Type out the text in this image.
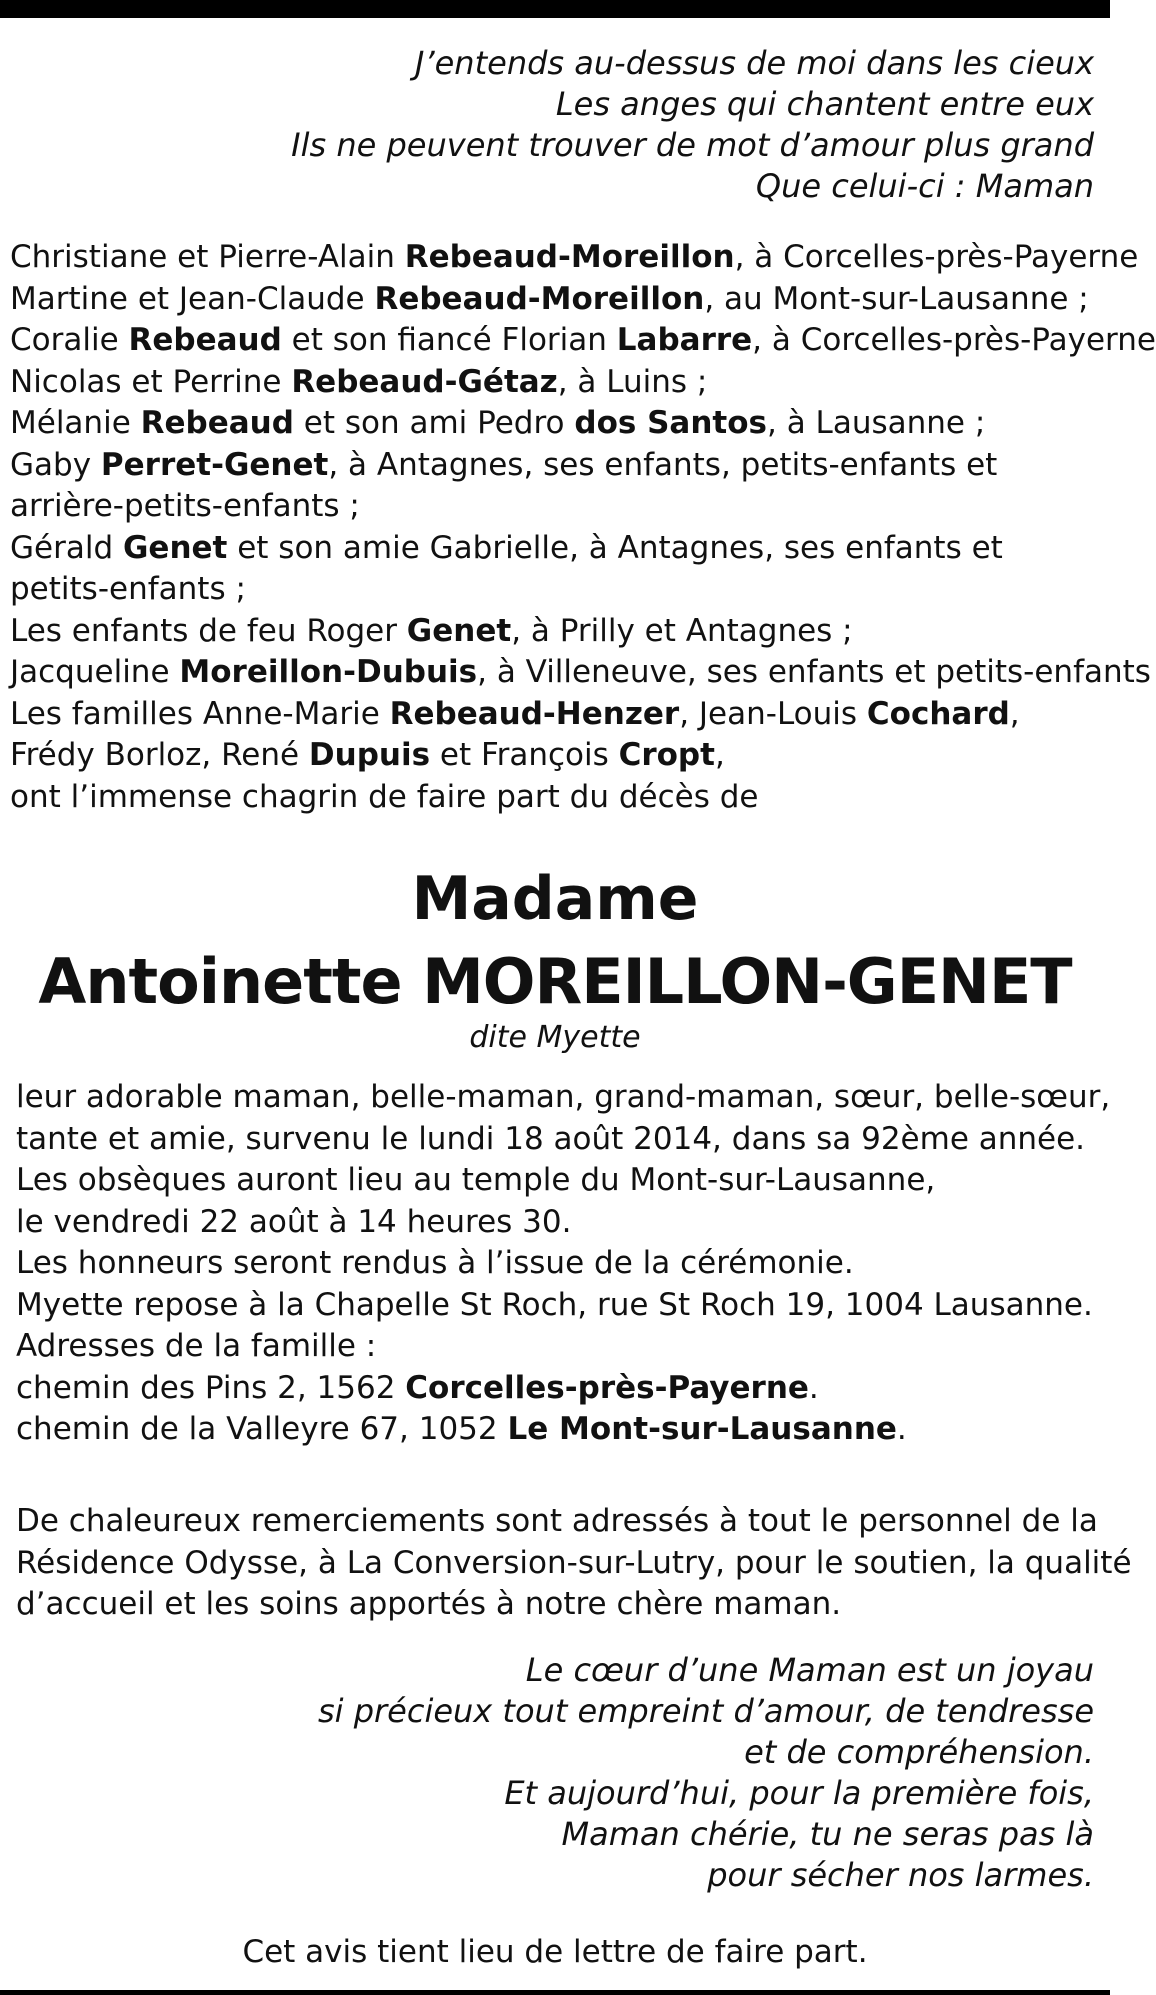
J’entends au-dessus de moi dans les cieux
Les anges qui chantent entre eux
Ils ne peuvent trouver de mot d’amour plus grand
Que celui-ci : Maman
Christiane et Pierre-Alain Rebeaud-Moreillon, à Corcelles-près-Payerne
Martine et Jean-Claude Rebeaud-Moreillon, au Mont-sur-Lausanne ;
Coralie Rebeaud et son fiancé Florian Labarre, à Corcelles-près-Payerne
Nicolas et Perrine Rebeaud-Gétaz, à Luins ;
Mélanie Rebeaud et son ami Pedro dos Santos, à Lausanne ;
Gaby Perret-Genet, à Antagnes, ses enfants, petits-enfants et
arrière-petits-enfants ;
Gérald Genet et son amie Gabrielle, à Antagnes, ses enfants et
petits-enfants ;
Les enfants de feu Roger Genet, à Prilly et Antagnes ;
Jacqueline Moreillon-Dubuis, à Villeneuve, ses enfants et petits-enfants
Les familles Anne-Marie Rebeaud-Henzer, Jean-Louis Cochard,
Frédy Borloz, René Dupuis et François Cropt,
ont l’immense chagrin de faire part du décès de
Madame
Antoinette MOREILLON-GENET
dite Myette
leur adorable maman, belle-maman, grand-maman, sœur, belle-sœur,
tante et amie, survenu le lundi 18 août 2014, dans sa 92ème année.
Les obsèques auront lieu au temple du Mont-sur-Lausanne,
le vendredi 22 août à 14 heures 30.
Les honneurs seront rendus à l’issue de la cérémonie.
Myette repose à la Chapelle St Roch, rue St Roch 19, 1004 Lausanne.
Adresses de la famille :
chemin des Pins 2, 1562 Corcelles-près-Payerne.
chemin de la Valleyre 67, 1052 Le Mont-sur-Lausanne.
De chaleureux remerciements sont adressés à tout le personnel de la
Résidence Odysse, à La Conversion-sur-Lutry, pour le soutien, la qualité
d’accueil et les soins apportés à notre chère maman.
Le cœur d’une Maman est un joyau
si précieux tout empreint d’amour, de tendresse
et de compréhension.
Et aujourd’hui, pour la première fois,
Maman chérie, tu ne seras pas là
pour sécher nos larmes.
Cet avis tient lieu de lettre de faire part.
